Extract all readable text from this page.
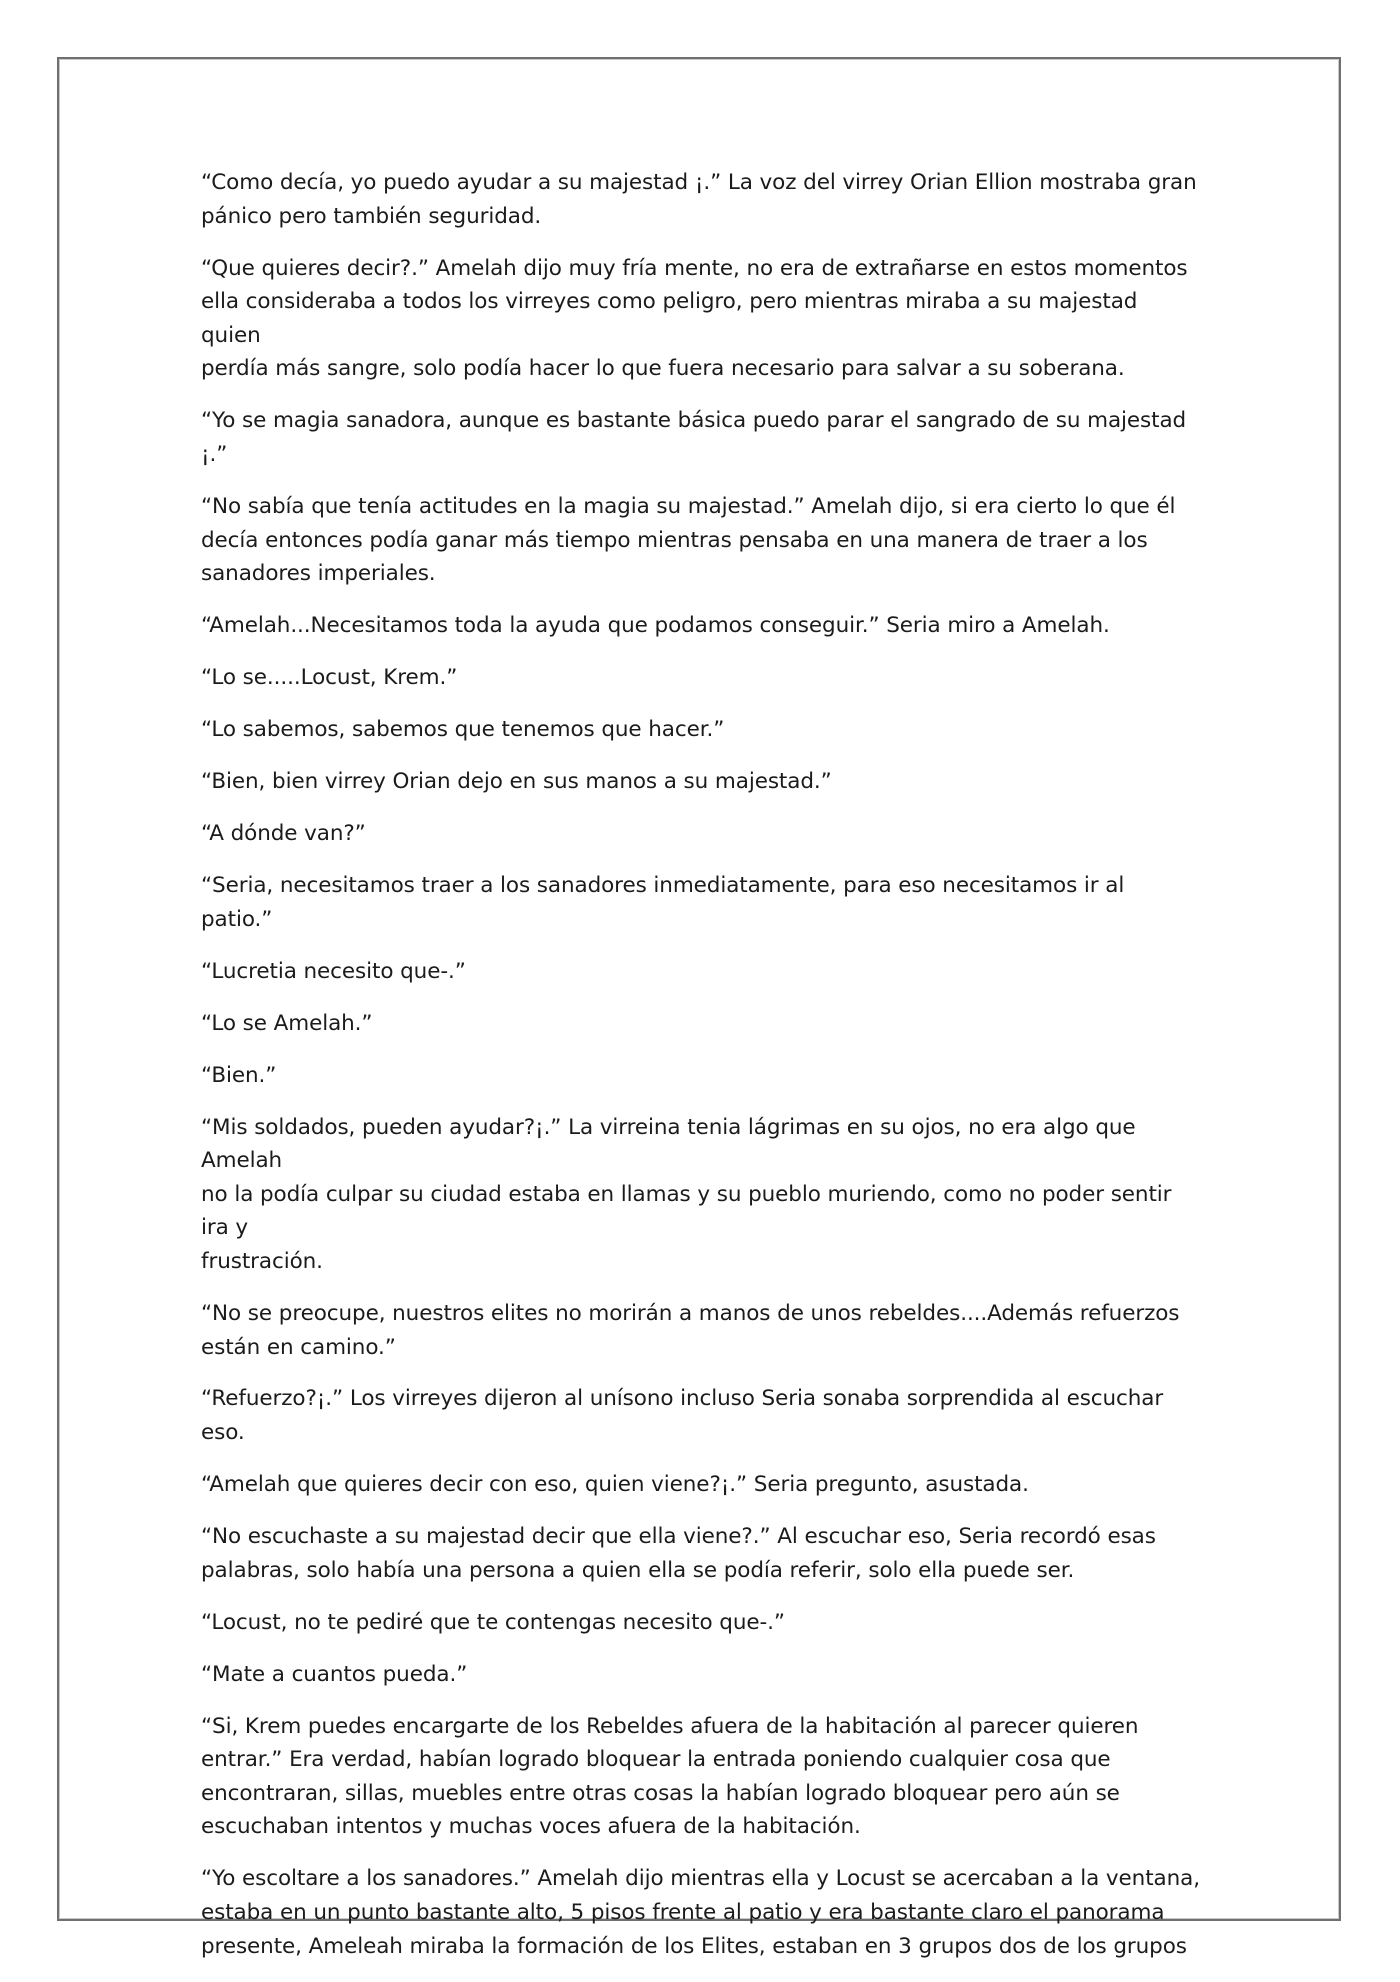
“Como decía, yo puedo ayudar a su majestad ¡.” La voz del virrey Orian Ellion mostraba gran
pánico pero también seguridad.

“Que quieres decir?.” Amelah dijo muy fría mente, no era de extrañarse en estos momentos
ella consideraba a todos los virreyes como peligro, pero mientras miraba a su majestad quien
perdía más sangre, solo podía hacer lo que fuera necesario para salvar a su soberana.

“Yo se magia sanadora, aunque es bastante básica puedo parar el sangrado de su majestad ¡.”

“No sabía que tenía actitudes en la magia su majestad.” Amelah dijo, si era cierto lo que él
decía entonces podía ganar más tiempo mientras pensaba en una manera de traer a los
sanadores imperiales.

“Amelah...Necesitamos toda la ayuda que podamos conseguir.” Seria miro a Amelah.

“Lo se.....Locust, Krem.”

“Lo sabemos, sabemos que tenemos que hacer.”

“Bien, bien virrey Orian dejo en sus manos a su majestad.”

“A dónde van?”

“Seria, necesitamos traer a los sanadores inmediatamente, para eso necesitamos ir al patio.”

“Lucretia necesito que-.”

“Lo se Amelah.”

“Bien.”

“Mis soldados, pueden ayudar?¡.” La virreina tenia lágrimas en su ojos, no era algo que Amelah
no la podía culpar su ciudad estaba en llamas y su pueblo muriendo, como no poder sentir ira y
frustración.

“No se preocupe, nuestros elites no morirán a manos de unos rebeldes....Además refuerzos
están en camino.”

“Refuerzo?¡.” Los virreyes dijeron al unísono incluso Seria sonaba sorprendida al escuchar eso.

“Amelah que quieres decir con eso, quien viene?¡.” Seria pregunto, asustada.

“No escuchaste a su majestad decir que ella viene?.” Al escuchar eso, Seria recordó esas
palabras, solo había una persona a quien ella se podía referir, solo ella puede ser.

“Locust, no te pediré que te contengas necesito que-.”

“Mate a cuantos pueda.”

“Si, Krem puedes encargarte de los Rebeldes afuera de la habitación al parecer quieren
entrar.” Era verdad, habían logrado bloquear la entrada poniendo cualquier cosa que
encontraran, sillas, muebles entre otras cosas la habían logrado bloquear pero aún se
escuchaban intentos y muchas voces afuera de la habitación.

“Yo escoltare a los sanadores.” Amelah dijo mientras ella y Locust se acercaban a la ventana,
estaba en un punto bastante alto, 5 pisos frente al patio y era bastante claro el panorama
presente, Ameleah miraba la formación de los Elites, estaban en 3 grupos dos de los grupos
